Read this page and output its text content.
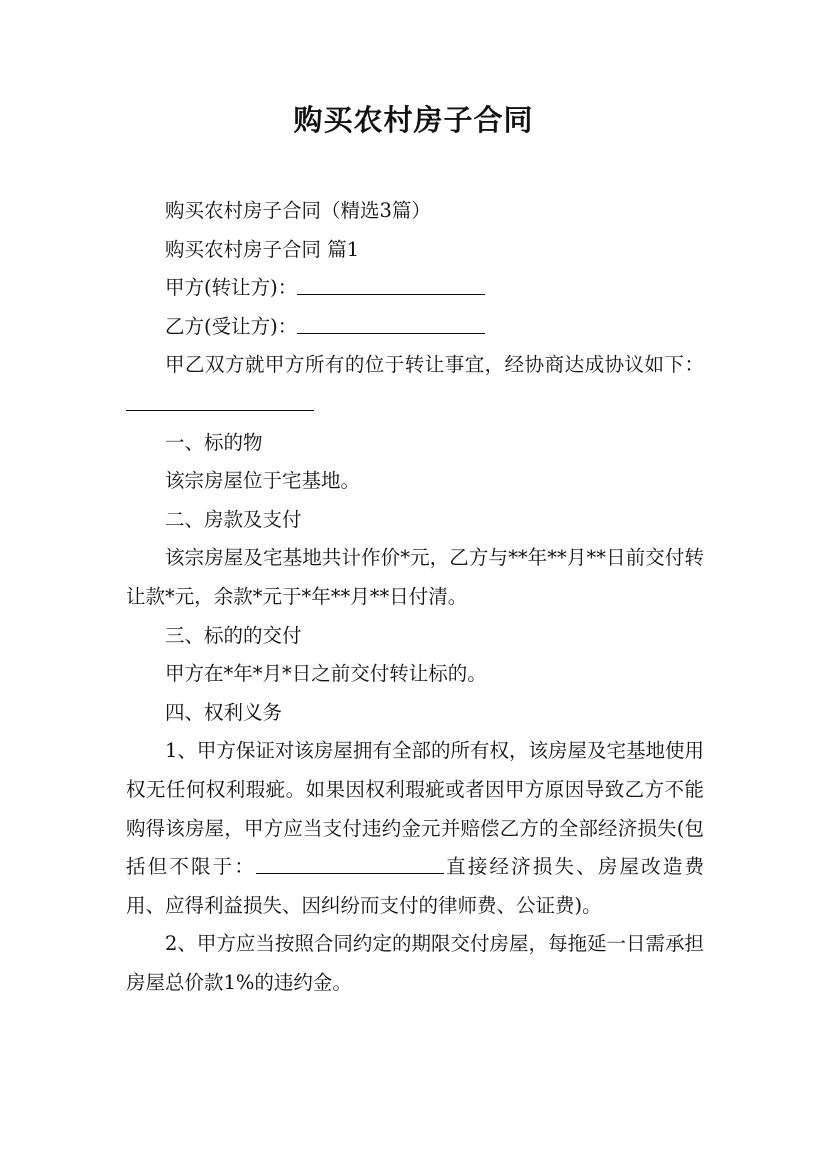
购买农村房子合同

购买农村房子合同（精选3篇）

购买农村房子合同 篇1

甲方(转让方)：

乙方(受让方)：

甲乙双方就甲方所有的位于转让事宜，经协商达成协议如下：

一、标的物

该宗房屋位于宅基地。

二、房款及支付

该宗房屋及宅基地共计作价*元，乙方与**年**月**日前交付转让款*元，余款*元于*年**月**日付清。

三、标的的交付

甲方在*年*月*日之前交付转让标的。

四、权利义务

1、甲方保证对该房屋拥有全部的所有权，该房屋及宅基地使用权无任何权利瑕疵。如果因权利瑕疵或者因甲方原因导致乙方不能购得该房屋，甲方应当支付违约金元并赔偿乙方的全部经济损失(包括但不限于：	直接经济损失、房屋改造费用、应得利益损失、因纠纷而支付的律师费、公证费)。

2、甲方应当按照合同约定的期限交付房屋，每拖延一日需承担房屋总价款1%的违约金。
